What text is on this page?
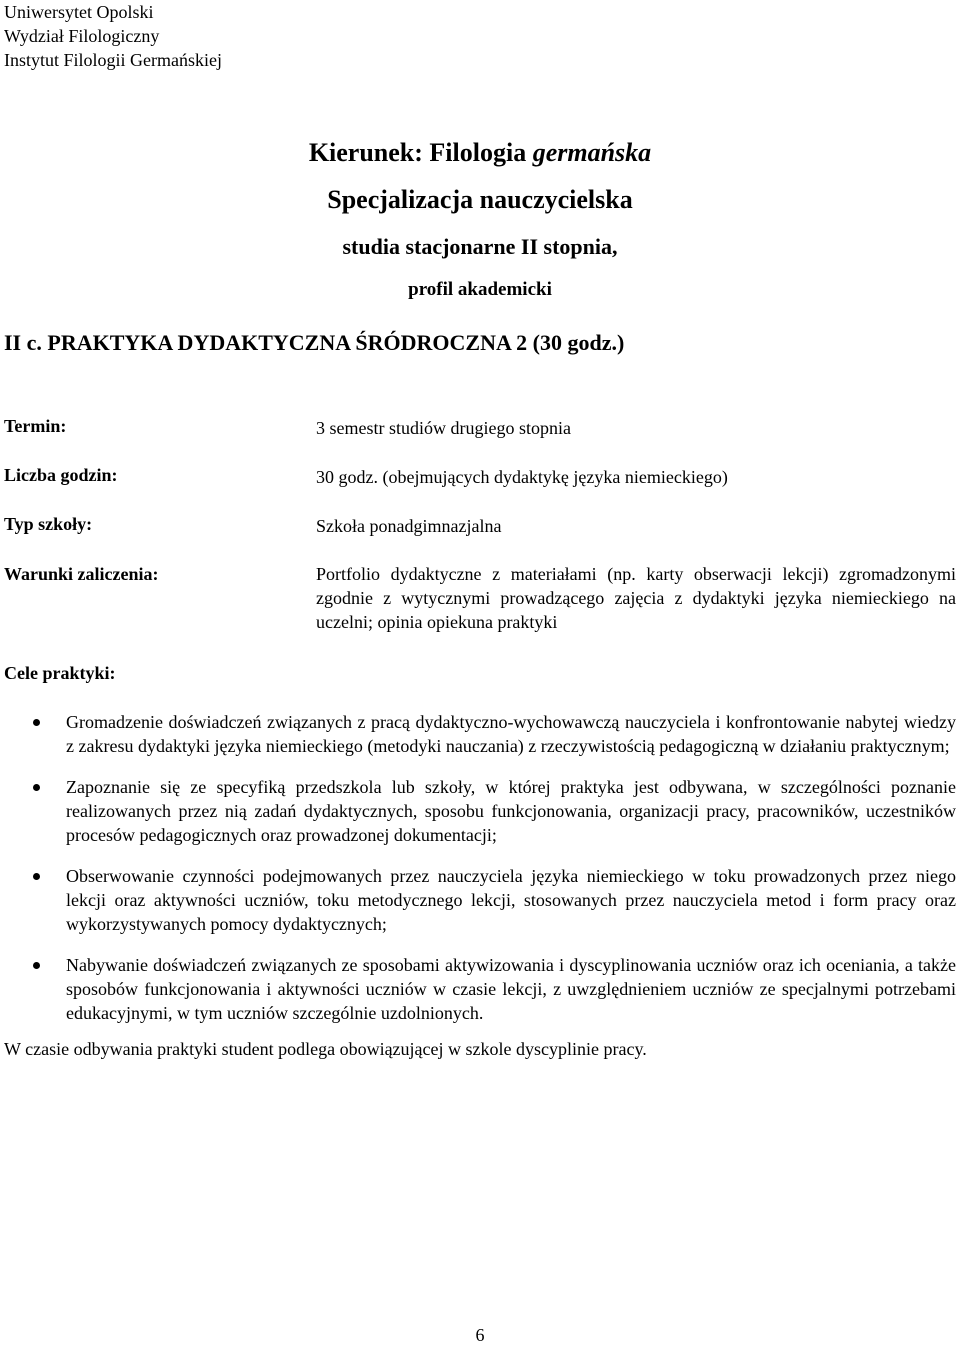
Uniwersytet Opolski
Wydział Filologiczny
Instytut Filologii Germańskiej
Kierunek: Filologia germańska
Specjalizacja nauczycielska
studia stacjonarne II stopnia,
profil akademicki
II c. PRAKTYKA DYDAKTYCZNA ŚRÓDROCZNA 2 (30 godz.)
Termin:	3 semestr studiów drugiego stopnia
Liczba godzin:	30 godz. (obejmujących dydaktykę języka niemieckiego)
Typ szkoły:	Szkoła ponadgimnazjalna
Warunki zaliczenia:	Portfolio dydaktyczne z materiałami (np. karty obserwacji lekcji) zgromadzonymi zgodnie z wytycznymi prowadzącego zajęcia z dydaktyki języka niemieckiego na uczelni; opinia opiekuna praktyki
Cele praktyki:
Gromadzenie doświadczeń związanych z pracą dydaktyczno-wychowawczą nauczyciela i konfrontowanie nabytej wiedzy z zakresu dydaktyki języka niemieckiego (metodyki nauczania) z rzeczywistością pedagogiczną w działaniu praktycznym;
Zapoznanie się ze specyfiką przedszkola lub szkoły, w której praktyka jest odbywana, w szczególności poznanie realizowanych przez nią zadań dydaktycznych, sposobu funkcjonowania, organizacji pracy, pracowników, uczestników procesów pedagogicznych oraz prowadzonej dokumentacji;
Obserwowanie czynności podejmowanych przez nauczyciela języka niemieckiego w toku prowadzonych przez niego lekcji oraz aktywności uczniów, toku metodycznego lekcji, stosowanych przez nauczyciela metod i form pracy oraz wykorzystywanych pomocy dydaktycznych;
Nabywanie doświadczeń związanych ze sposobami aktywizowania i dyscyplinowania uczniów oraz ich oceniania, a także sposobów funkcjonowania i aktywności uczniów w czasie lekcji, z uwzględnieniem uczniów ze specjalnymi potrzebami edukacyjnymi, w tym uczniów szczególnie uzdolnionych.
W czasie odbywania praktyki student podlega obowiązującej w szkole dyscyplinie pracy.
6
